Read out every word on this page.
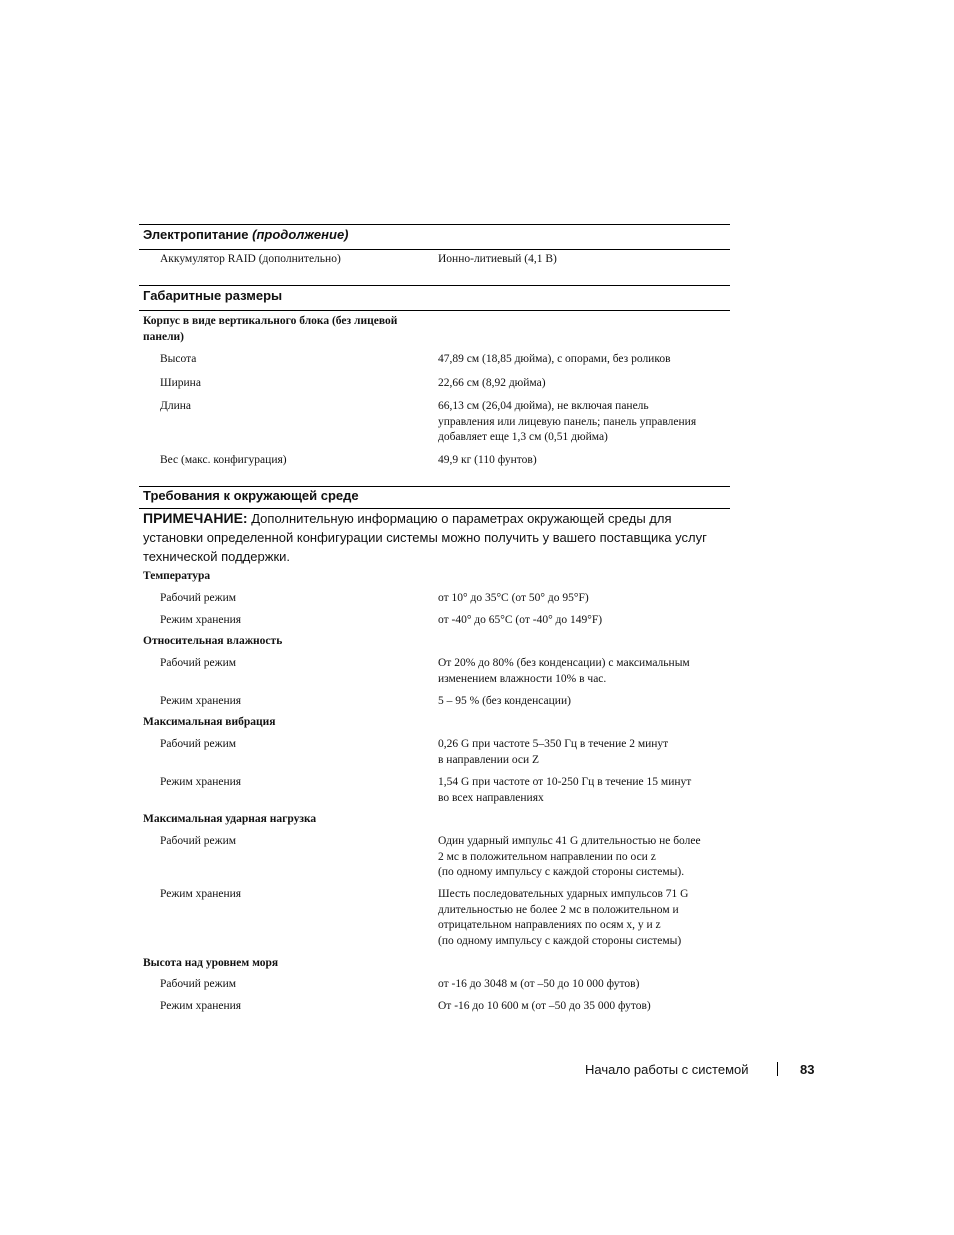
Электропитание (продолжение)
Аккумулятор RAID (дополнительно)	Ионно-литиевый (4,1 В)
Габаритные размеры
Корпус в виде вертикального блока (без лицевой панели)
Высота	47,89 см (18,85 дюйма), с опорами, без роликов
Ширина	22,66 см (8,92 дюйма)
Длина	66,13 см (26,04 дюйма), не включая панель
управления или лицевую панель; панель управления
добавляет еще 1,3 см (0,51 дюйма)
Вес (макс. конфигурация)	49,9 кг (110 фунтов)
Требования к окружающей среде
ПРИМЕЧАНИЕ: Дополнительную информацию о параметрах окружающей среды для установки определенной конфигурации системы можно получить у вашего поставщика услуг технической поддержки.
Температура
Рабочий режим	от 10° до 35°C (от 50° до 95°F)
Режим хранения	от -40° до 65°C (от -40° до 149°F)
Относительная влажность
Рабочий режим	От 20% до 80% (без конденсации) с максимальным
изменением влажности 10% в час.
Режим хранения	5 – 95 % (без конденсации)
Максимальная вибрация
Рабочий режим	0,26 G при частоте 5–350 Гц в течение 2 минут
в направлении оси Z
Режим хранения	1,54 G при частоте от 10-250 Гц в течение 15 минут
во всех направлениях
Максимальная ударная нагрузка
Рабочий режим	Один ударный импульс 41 G длительностью не более
2 мс в положительном направлении по оси z
(по одному импульсу с каждой стороны системы).
Режим хранения	Шесть последовательных ударных импульсов 71 G
длительностью не более 2 мс в положительном и
отрицательном направлениях по осям x, y и z
(по одному импульсу с каждой стороны системы)
Высота над уровнем моря
Рабочий режим	от -16 до 3048 м (от –50 до 10 000 футов)
Режим хранения	От -16 до 10 600 м (от –50 до 35 000 футов)
Начало работы с системой	83
